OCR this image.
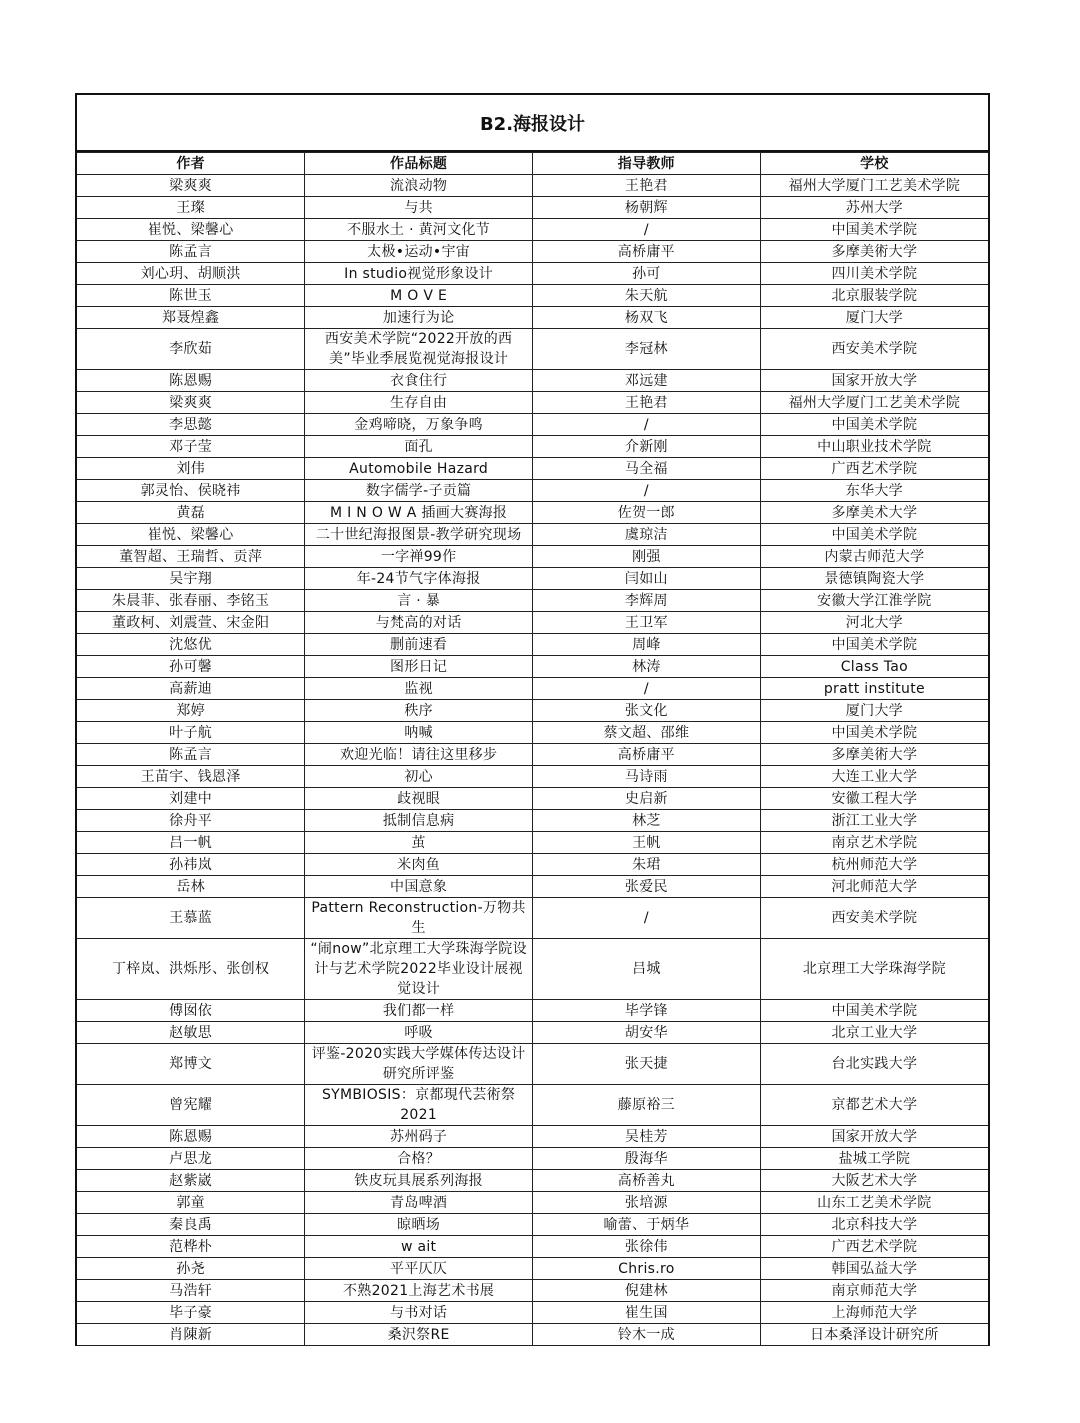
B2.海报设计
作者	作品标题	指导教师	学校
梁爽爽	流浪动物	王艳君	福州大学厦门工艺美术学院
王璨	与共	杨朝辉	苏州大学
崔悦、梁馨心	不服水土 · 黄河文化节	/	中国美术学院
陈孟言	太极•运动•宇宙	高桥庸平	多摩美術大学
刘心玥、胡顺洪	In studio视觉形象设计	孙可	四川美术学院
陈世玉	M O V E	朱天航	北京服装学院
郑聂煌鑫	加速行为论	杨双飞	厦门大学
李欣茹	西安美术学院“2022开放的西美”毕业季展览视觉海报设计	李冠林	西安美术学院
陈恩赐	衣食住行	邓远建	国家开放大学
梁爽爽	生存自由	王艳君	福州大学厦门工艺美术学院
李思懿	金鸡啼晓，万象争鸣	/	中国美术学院
邓子莹	面孔	介新刚	中山职业技术学院
刘伟	Automobile Hazard	马全福	广西艺术学院
郭灵怡、侯晓祎	数字儒学-子贡篇	/	东华大学
黄磊	M I N O W A 插画大赛海报	佐贺一郎	多摩美术大学
崔悦、梁馨心	二十世纪海报图景-教学研究现场	虞琼洁	中国美术学院
董智超、王瑞哲、贡萍	一字禅99作	刚强	内蒙古师范大学
吴宇翔	年-24节气字体海报	闫如山	景德镇陶瓷大学
朱晨菲、张春丽、李铭玉	言 · 暴	李辉周	安徽大学江淮学院
董政柯、刘震萱、宋金阳	与梵高的对话	王卫军	河北大学
沈悠优	删前速看	周峰	中国美术学院
孙可馨	图形日记	林涛	Class Tao
高薪迪	监视	/	pratt institute
郑婷	秩序	张文化	厦门大学
叶子航	呐喊	蔡文超、邵维	中国美术学院
陈孟言	欢迎光临！请往这里移步	高桥庸平	多摩美術大学
王苗宇、钱恩泽	初心	马诗雨	大连工业大学
刘建中	歧视眼	史启新	安徽工程大学
徐舟平	抵制信息病	林芝	浙江工业大学
吕一帆	茧	王帆	南京艺术学院
孙祎岚	米肉鱼	朱珺	杭州师范大学
岳林	中国意象	张爱民	河北师范大学
王慕蓝	Pattern Reconstruction-万物共生	/	西安美术学院
丁梓岚、洪烁彤、张创权	“闹now”北京理工大学珠海学院设计与艺术学院2022毕业设计展视觉设计	吕城	北京理工大学珠海学院
傅囡依	我们都一样	毕学锋	中国美术学院
赵敏思	呼吸	胡安华	北京工业大学
郑博文	评鉴-2020实践大学媒体传达设计研究所评鉴	张天捷	台北实践大学
曾宪耀	SYMBIOSIS：京都現代芸術祭2021	藤原裕三	京都艺术大学
陈恩赐	苏州码子	吴桂芳	国家开放大学
卢思龙	合格？	殷海华	盐城工学院
赵紫崴	铁皮玩具展系列海报	高桥善丸	大阪艺术大学
郭童	青岛啤酒	张培源	山东工艺美术学院
秦良禹	晾晒场	喻蕾、于炳华	北京科技大学
范桦朴	w ait	张徐伟	广西艺术学院
孙尧	平平仄仄	Chris.ro	韩国弘益大学
马浩轩	不熟2021上海艺术书展	倪建林	南京师范大学
毕子豪	与书对话	崔生国	上海师范大学
肖陳新	桑沢祭RE	铃木一成	日本桑泽设计研究所
